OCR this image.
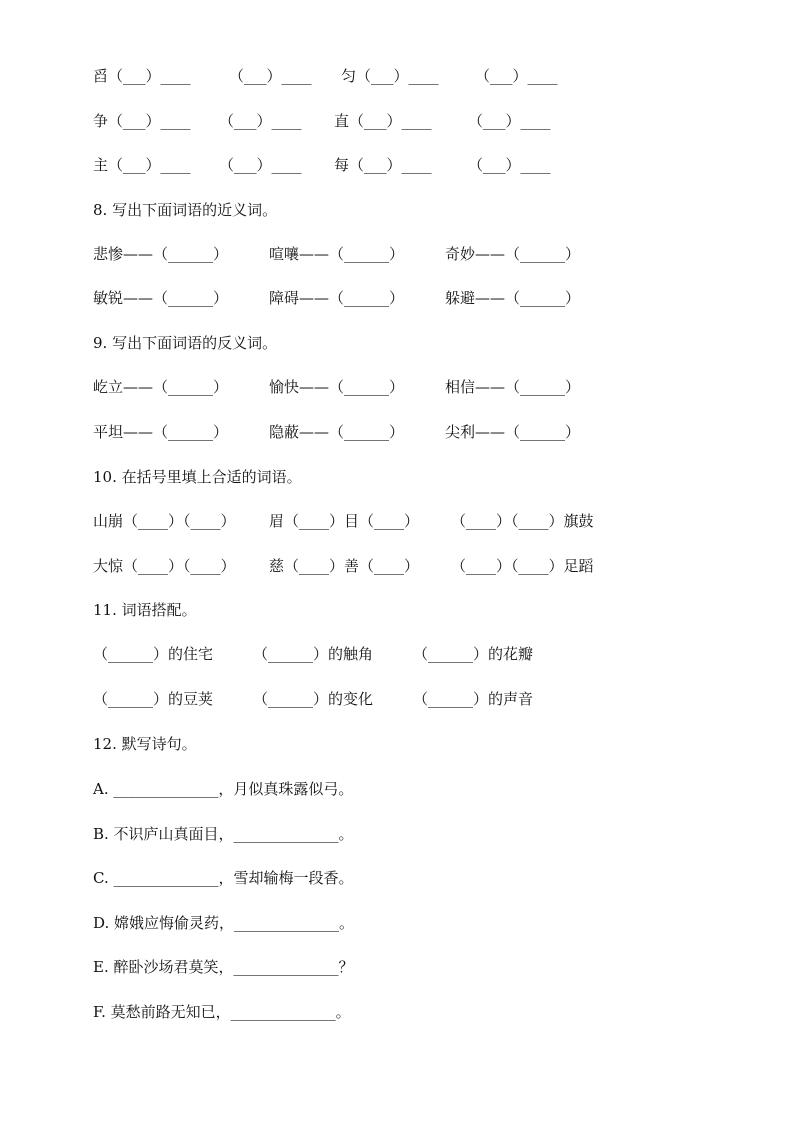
舀（___）____	（___）____ 匀（___）____ （___）____
争（___）____ （___）____ 直（___）____ （___）____
主（___）____ （___）____ 每（___）____ （___）____
8. 写出下面词语的近义词。
悲惨——（______）	喧嚷——（______）	奇妙——（______）
敏锐——（______）	障碍——（______）	躲避——（______）
9. 写出下面词语的反义词。
屹立——（______）	愉快——（______）	相信——（______）
平坦——（______）	隐蔽——（______）	尖利——（______）
10. 在括号里填上合适的词语。
山崩（____）（____） 眉（____）目（____） （____）（____）旗鼓
大惊（____）（____） 慈（____）善（____） （____）（____）足蹈
11. 词语搭配。
（______）的住宅	（______）的触角	（______）的花瓣
（______）的豆荚	（______）的变化	（______）的声音
12. 默写诗句。
A. ______________，月似真珠露似弓。
B. 不识庐山真面目，______________。
C. ______________，雪却输梅一段香。
D. 嫦娥应悔偷灵药，______________。
E. 醉卧沙场君莫笑，______________？
F. 莫愁前路无知已，______________。
